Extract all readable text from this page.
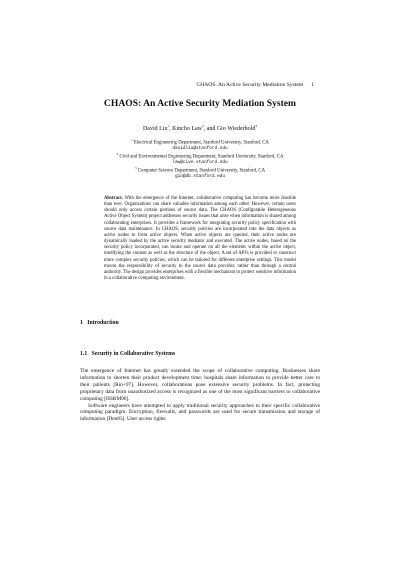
CHAOS: An Active Security Mediation System 1
CHAOS: An Active Security Mediation System
David Liu$^1$, Kincho Law$^2$, and Gio Wiederhold$^3$
$^1$ Electrical Engineering Department, Stanford University, Stanford, CA
davidliu@stanford.edu
$^2$ Civil and Environmental Engineering Department, Stanford University, Stanford, CA
law@cive.stanford.edu
$^3$ Computer Science Department, Stanford University, Stanford, CA
gio@db.stanford.edu
Abstract. With the emergence of the Internet, collaborative computing has become more feasible than ever. Organizations can share valuable information among each other. However, certain users should only access certain portions of source data. The CHAOS (Configurable Heterogeneous Active Object System) project addresses security issues that arise when information is shared among collaborating enterprises. It provides a framework for integrating security policy specification with source data maintenance. In CHAOS, security policies are incorporated into the data objects as active nodes to form active objects. When active objects are queried, their active nodes are dynamically loaded by the active security mediator and executed. The active nodes, based on the security policy incorporated, can locate and operate on all the elements within the active object, modifying the content as well as the structure of the object. A set of API's is provided to construct more complex security policies, which can be tailored for different enterprise settings. This model moves the responsibility of security to the source data provider, rather than through a central authority. The design provides enterprises with a flexible mechanism to protect sensitive information in a collaborative computing environment.
1 Introduction
1.1 Security in Collaborative Systems

The emergence of Internet has greatly extended the scope of collaborative computing. Businesses share information to shorten their product development time; hospitals share information to provide better care to their patients [Rin+97]. However, collaborations pose extensive security problems. In fact, protecting proprietary data from unauthorized access is recognized as one of the most significant barriers to collaborative computing [HSRM96].

Software engineers have attempted to apply traditional security approaches to their specific collaborative computing paradigm. Encryption, firewalls, and passwords are used for secure transmission and storage of information [Den83]. User access rights
